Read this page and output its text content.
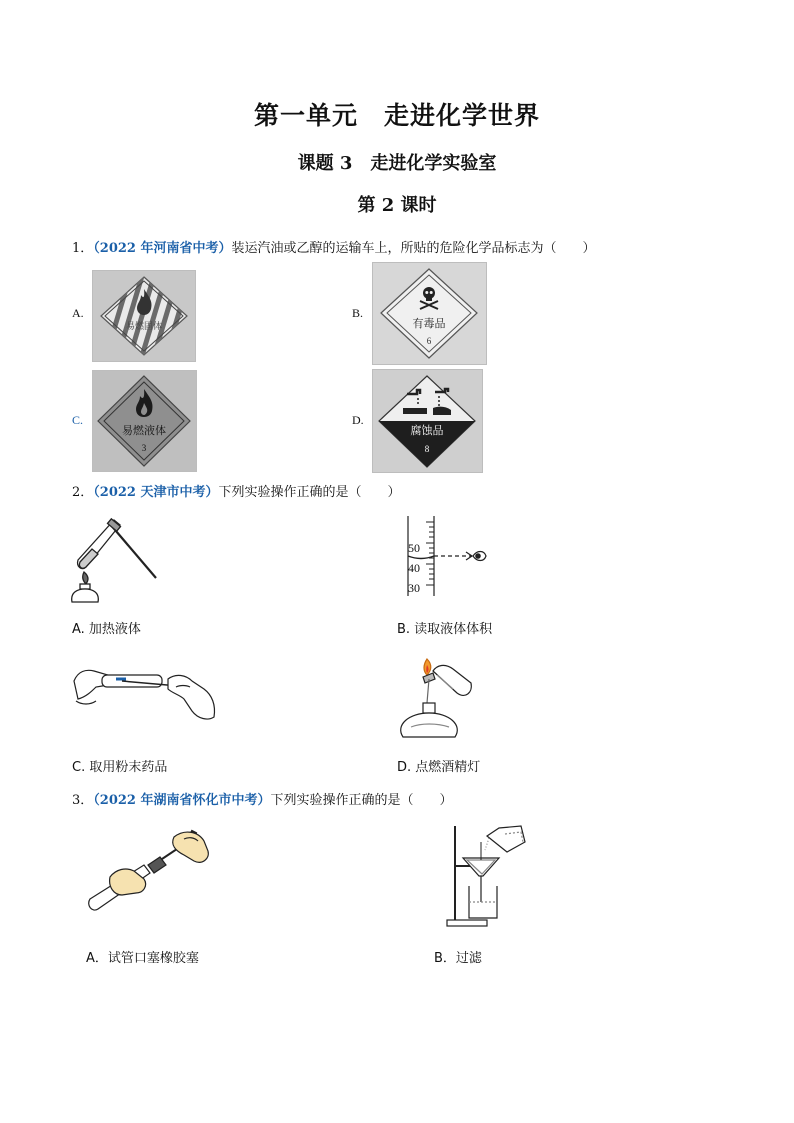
第一单元　走进化学世界
课题 3　走进化学实验室
第 2 课时
1．（2022 年河南省中考）装运汽油或乙醇的运输车上，所贴的危险化学品标志为（　　）
A.
易燃固体
B.
有毒品
6
C.
易燃液体
3
D.
腐蚀品
8
2．（2022 天津市中考）下列实验操作正确的是（　　）
A. 加热液体
50
40
30
B. 读取液体体积
C. 取用粉末药品	D. 点燃酒精灯
3．（2022 年湖南省怀化市中考）下列实验操作正确的是（　　）
A．试管口塞橡胶塞	B．过滤
